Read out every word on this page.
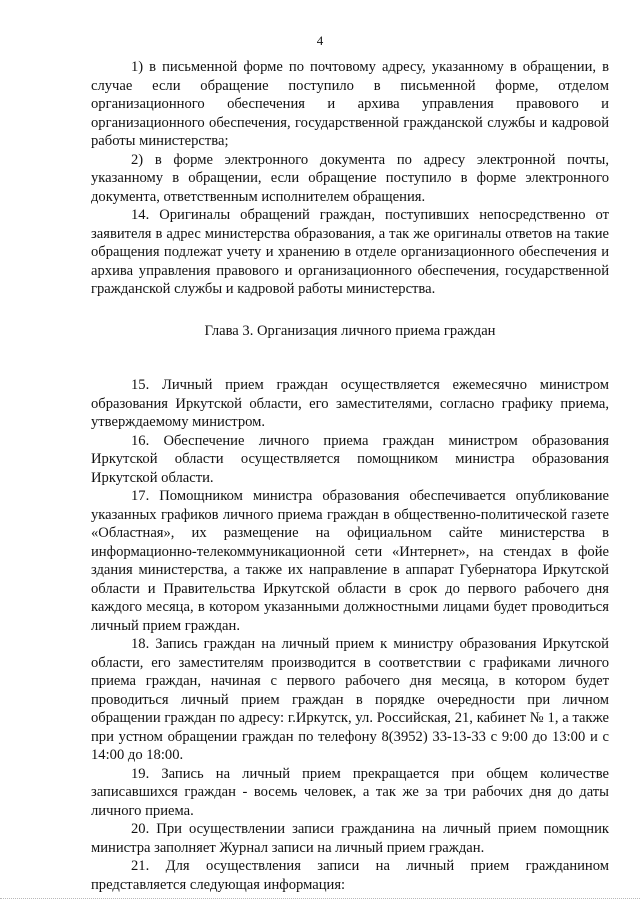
4

1) в письменной форме по почтовому адресу, указанному в обращении, в случае если обращение поступило в письменной форме, отделом организационного обеспечения и архива управления правового и организационного обеспечения, государственной гражданской службы и кадровой работы министерства;

2) в форме электронного документа по адресу электронной почты, указанному в обращении, если обращение поступило в форме электронного документа, ответственным исполнителем обращения.

14. Оригиналы обращений граждан, поступивших непосредственно от заявителя в адрес министерства образования, а так же оригиналы ответов на такие обращения подлежат учету и хранению в отделе организационного обеспечения и архива управления правового и организационного обеспечения, государственной гражданской службы и кадровой работы министерства.

Глава 3. Организация личного приема граждан

15. Личный прием граждан осуществляется ежемесячно министром образования Иркутской области, его заместителями, согласно графику приема, утверждаемому министром.

16. Обеспечение личного приема граждан министром образования Иркутской области осуществляется помощником министра образования Иркутской области.

17. Помощником министра образования обеспечивается опубликование указанных графиков личного приема граждан в общественно-политической газете «Областная», их размещение на официальном сайте министерства в информационно-телекоммуникационной сети «Интернет», на стендах в фойе здания министерства, а также их направление в аппарат Губернатора Иркутской области и Правительства Иркутской области в срок до первого рабочего дня каждого месяца, в котором указанными должностными лицами будет проводиться личный прием граждан.

18. Запись граждан на личный прием к министру образования Иркутской области, его заместителям производится в соответствии с графиками личного приема граждан, начиная с первого рабочего дня месяца, в котором будет проводиться личный прием граждан в порядке очередности при личном обращении граждан по адресу: г.Иркутск, ул. Российская, 21, кабинет № 1, а также при устном обращении граждан по телефону 8(3952) 33-13-33 с 9:00 до 13:00 и с 14:00 до 18:00.

19. Запись на личный прием прекращается при общем количестве записавшихся граждан - восемь человек, а так же за три рабочих дня до даты личного приема.

20. При осуществлении записи гражданина на личный прием помощник министра заполняет Журнал записи на личный прием граждан.

21. Для осуществления записи на личный прием гражданином представляется следующая информация:
